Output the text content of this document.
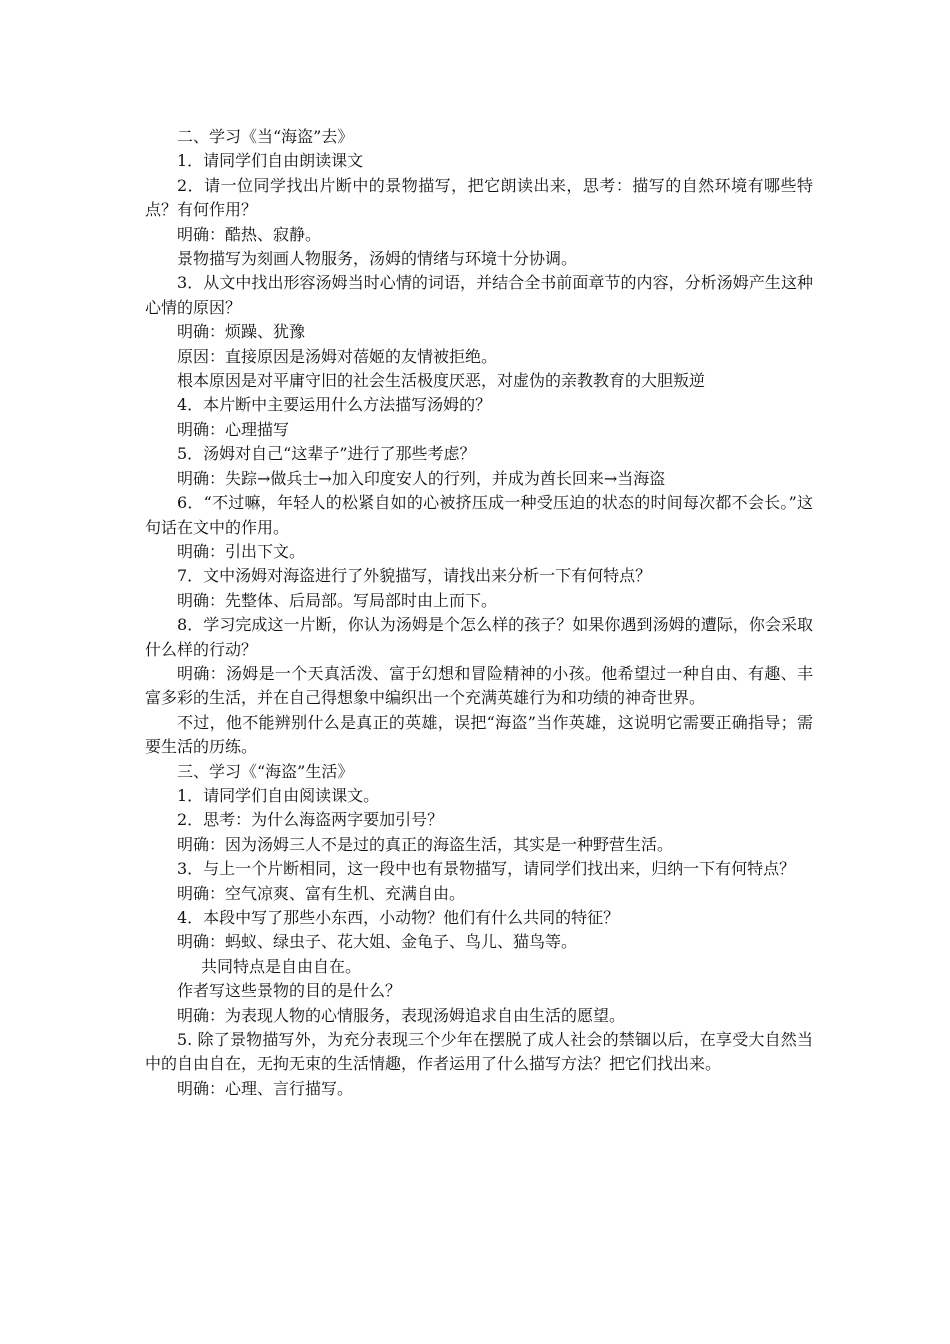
二、学习《当“海盗”去》

1．请同学们自由朗读课文

2．请一位同学找出片断中的景物描写，把它朗读出来，思考：描写的自然环境有哪些特点？有何作用？

明确：酷热、寂静。

景物描写为刻画人物服务，汤姆的情绪与环境十分协调。

3．从文中找出形容汤姆当时心情的词语，并结合全书前面章节的内容，分析汤姆产生这种心情的原因？

明确：烦躁、犹豫

原因：直接原因是汤姆对蓓姬的友情被拒绝。

根本原因是对平庸守旧的社会生活极度厌恶，对虚伪的亲教教育的大胆叛逆

4．本片断中主要运用什么方法描写汤姆的？

明确：心理描写

5．汤姆对自己“这辈子”进行了那些考虑？

明确：失踪→做兵士→加入印度安人的行列，并成为酋长回来→当海盗

6．“不过嘛，年轻人的松紧自如的心被挤压成一种受压迫的状态的时间每次都不会长。”这句话在文中的作用。

明确：引出下文。

7．文中汤姆对海盗进行了外貌描写，请找出来分析一下有何特点？

明确：先整体、后局部。写局部时由上而下。

8．学习完成这一片断，你认为汤姆是个怎么样的孩子？如果你遇到汤姆的遭际，你会采取什么样的行动？

明确：汤姆是一个天真活泼、富于幻想和冒险精神的小孩。他希望过一种自由、有趣、丰富多彩的生活，并在自己得想象中编织出一个充满英雄行为和功绩的神奇世界。

不过，他不能辨别什么是真正的英雄，误把“海盗”当作英雄，这说明它需要正确指导；需要生活的历练。

三、学习《“海盗”生活》

1．请同学们自由阅读课文。

2．思考：为什么海盗两字要加引号？

明确：因为汤姆三人不是过的真正的海盗生活，其实是一种野营生活。

3．与上一个片断相同，这一段中也有景物描写，请同学们找出来，归纳一下有何特点？

明确：空气凉爽、富有生机、充满自由。

4．本段中写了那些小东西，小动物？他们有什么共同的特征？

明确：蚂蚁、绿虫子、花大姐、金龟子、鸟儿、猫鸟等。

共同特点是自由自在。

作者写这些景物的目的是什么？

明确：为表现人物的心情服务，表现汤姆追求自由生活的愿望。

5. 除了景物描写外，为充分表现三个少年在摆脱了成人社会的禁锢以后，在享受大自然当中的自由自在，无拘无束的生活情趣，作者运用了什么描写方法？把它们找出来。

明确：心理、言行描写。
